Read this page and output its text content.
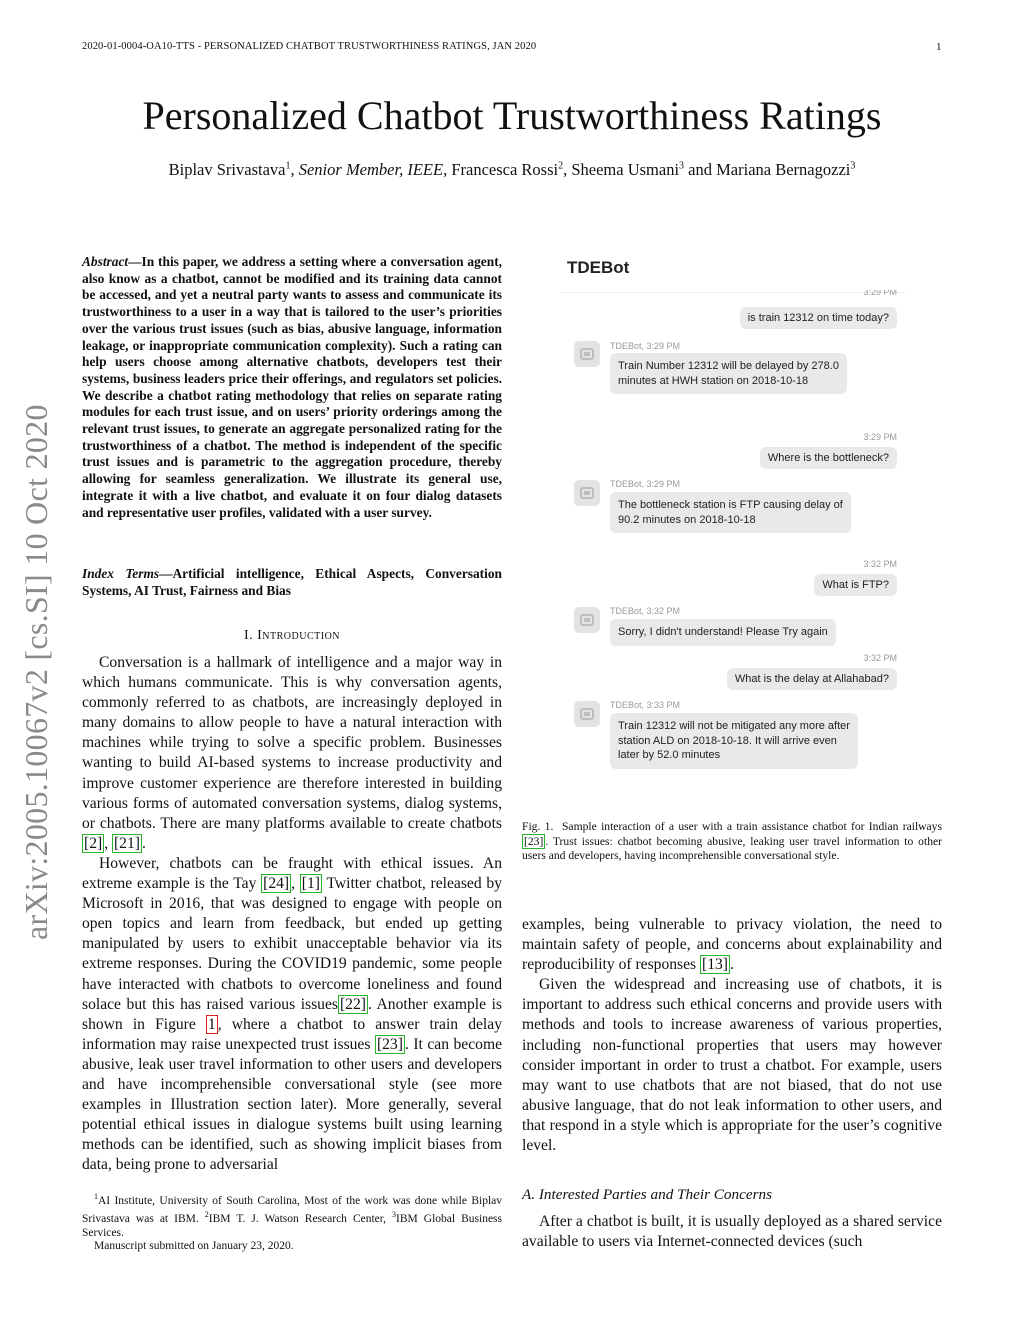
2020-01-0004-OA10-TTS - PERSONALIZED CHATBOT TRUSTWORTHINESS RATINGS, JAN 2020	1
Personalized Chatbot Trustworthiness Ratings
Biplav Srivastava$^1$, Senior Member, IEEE, Francesca Rossi$^2$, Sheema Usmani$^3$ and Mariana Bernagozzi$^3$
arXiv:2005.10067v2 [cs.SI] 10 Oct 2020
Abstract—In this paper, we address a setting where a conversation agent, also know as a chatbot, cannot be modified and its training data cannot be accessed, and yet a neutral party wants to assess and communicate its trustworthiness to a user in a way that is tailored to the user’s priorities over the various trust issues (such as bias, abusive language, information leakage, or inappropriate communication complexity). Such a rating can help users choose among alternative chatbots, developers test their systems, business leaders price their offerings, and regulators set policies. We describe a chatbot rating methodology that relies on separate rating modules for each trust issue, and on users’ priority orderings among the relevant trust issues, to generate an aggregate personalized rating for the trustworthiness of a chatbot. The method is independent of the specific trust issues and is parametric to the aggregation procedure, thereby allowing for seamless generalization. We illustrate its general use, integrate it with a live chatbot, and evaluate it on four dialog datasets and representative user profiles, validated with a user survey.
Index Terms—Artificial intelligence, Ethical Aspects, Conversation Systems, AI Trust, Fairness and Bias
I. Introduction

Conversation is a hallmark of intelligence and a major way in which humans communicate. This is why conversation agents, commonly referred to as chatbots, are increasingly deployed in many domains to allow people to have a natural interaction with machines while trying to solve a specific problem. Businesses wanting to build AI-based systems to increase productivity and improve customer experience are therefore interested in building various forms of automated conversation systems, dialog systems, or chatbots. There are many platforms available to create chatbots [2] , [21] .

However, chatbots can be fraught with ethical issues. An extreme example is the Tay [24] , [1] Twitter chatbot, released by Microsoft in 2016, that was designed to engage with people on open topics and learn from feedback, but ended up getting manipulated by users to exhibit unacceptable behavior via its extreme responses. During the COVID19 pandemic, some people have interacted with chatbots to overcome loneliness and found solace but this has raised various issues [22] . Another example is shown in Figure 1 , where a chatbot to answer train delay information may raise unexpected trust issues [23] . It can become abusive, leak user travel information to other users and developers and have incomprehensible conversational style (see more examples in Illustration section later). More generally, several potential ethical issues in dialogue systems built using learning methods can be identified, such as showing implicit biases from data, being prone to adversarial

$^1$AI Institute, University of South Carolina, Most of the work was done while Biplav Srivastava was at IBM. $^2$IBM T. J. Watson Research Center, $^3$IBM Global Business Services.
Manuscript submitted on January 23, 2020.
TDEBot
3:29 PM
is train 12312 on time today?
TDEBot, 3:29 PM
Train Number 12312 will be delayed by 278.0
minutes at HWH station on 2018-10-18
3:29 PM
Where is the bottleneck?
TDEBot, 3:29 PM
The bottleneck station is FTP causing delay of
90.2 minutes on 2018-10-18
3:32 PM
What is FTP?
TDEBot, 3:32 PM
Sorry, I didn't understand! Please Try again
3:32 PM
What is the delay at Allahabad?
TDEBot, 3:33 PM
Train 12312 will not be mitigated any more after
station ALD on 2018-10-18. It will arrive even
later by 52.0 minutes
Fig. 1. Sample interaction of a user with a train assistance chatbot for Indian railways [23] . Trust issues: chatbot becoming abusive, leaking user travel information to other users and developers, having incomprehensible conversational style.

examples, being vulnerable to privacy violation, the need to maintain safety of people, and concerns about explainability and reproducibility of responses [13] .

Given the widespread and increasing use of chatbots, it is important to address such ethical concerns and provide users with methods and tools to increase awareness of various properties, including non-functional properties that users may however consider important in order to trust a chatbot. For example, users may want to use chatbots that are not biased, that do not use abusive language, that do not leak information to other users, and that respond in a style which is appropriate for the user’s cognitive level.

A. Interested Parties and Their Concerns

After a chatbot is built, it is usually deployed as a shared service available to users via Internet-connected devices (such
